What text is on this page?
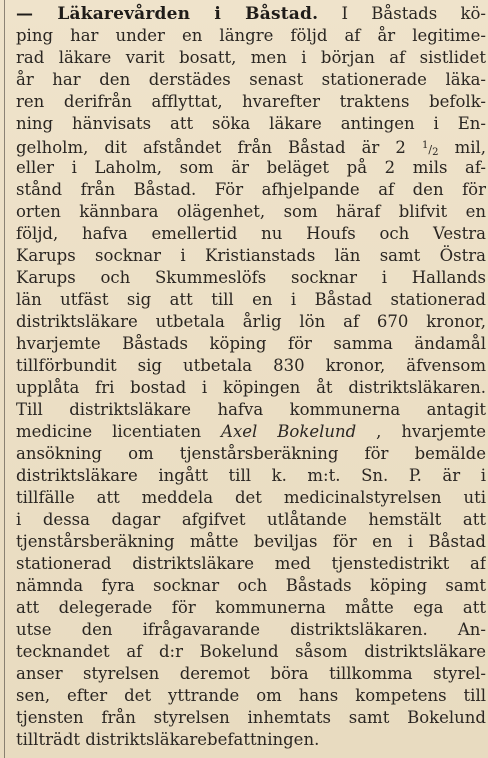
— Läkarevården i Båstad. I Båstads kö-
ping har under en längre följd af år legitime-
rad läkare varit bosatt, men i början af sistlidet
år har den derstädes senast stationerade läka-
ren derifrån afflyttat, hvarefter traktens befolk-
ning hänvisats att söka läkare antingen i En-
gelholm, dit afståndet från Båstad är 2 $^1/_2$ mil,
eller i Laholm, som är beläget på 2 mils af-
stånd från Båstad. För afhjelpande af den för
orten kännbara olägenhet, som häraf blifvit en
följd, hafva emellertid nu Houfs och Vestra
Karups socknar i Kristianstads län samt Östra
Karups och Skummeslöfs socknar i Hallands
län utfäst sig att till en i Båstad stationerad
distriktsläkare utbetala årlig lön af 670 kronor,
hvarjemte Båstads köping för samma ändamål
tillförbundit sig utbetala 830 kronor, äfvensom
upplåta fri bostad i köpingen åt distriktsläkaren.
Till distriktsläkare hafva kommunerna antagit
medicine licentiaten Axel Bokelund , hvarjemte
ansökning om tjenstårsberäkning för bemälde
distriktsläkare ingått till k. m:t. Sn. P. är i
tillfälle att meddela det medicinalstyrelsen uti
i dessa dagar afgifvet utlåtande hemstält att
tjenstårsberäkning måtte beviljas för en i Båstad
stationerad distriktsläkare med tjenstedistrikt af
nämnda fyra socknar och Båstads köping samt
att delegerade för kommunerna måtte ega att
utse den ifrågavarande distriktsläkaren. An-
tecknandet af d:r Bokelund såsom distriktsläkare
anser styrelsen deremot böra tillkomma styrel-
sen, efter det yttrande om hans kompetens till
tjensten från styrelsen inhemtats samt Bokelund
tillträdt distriktsläkarebefattningen.
